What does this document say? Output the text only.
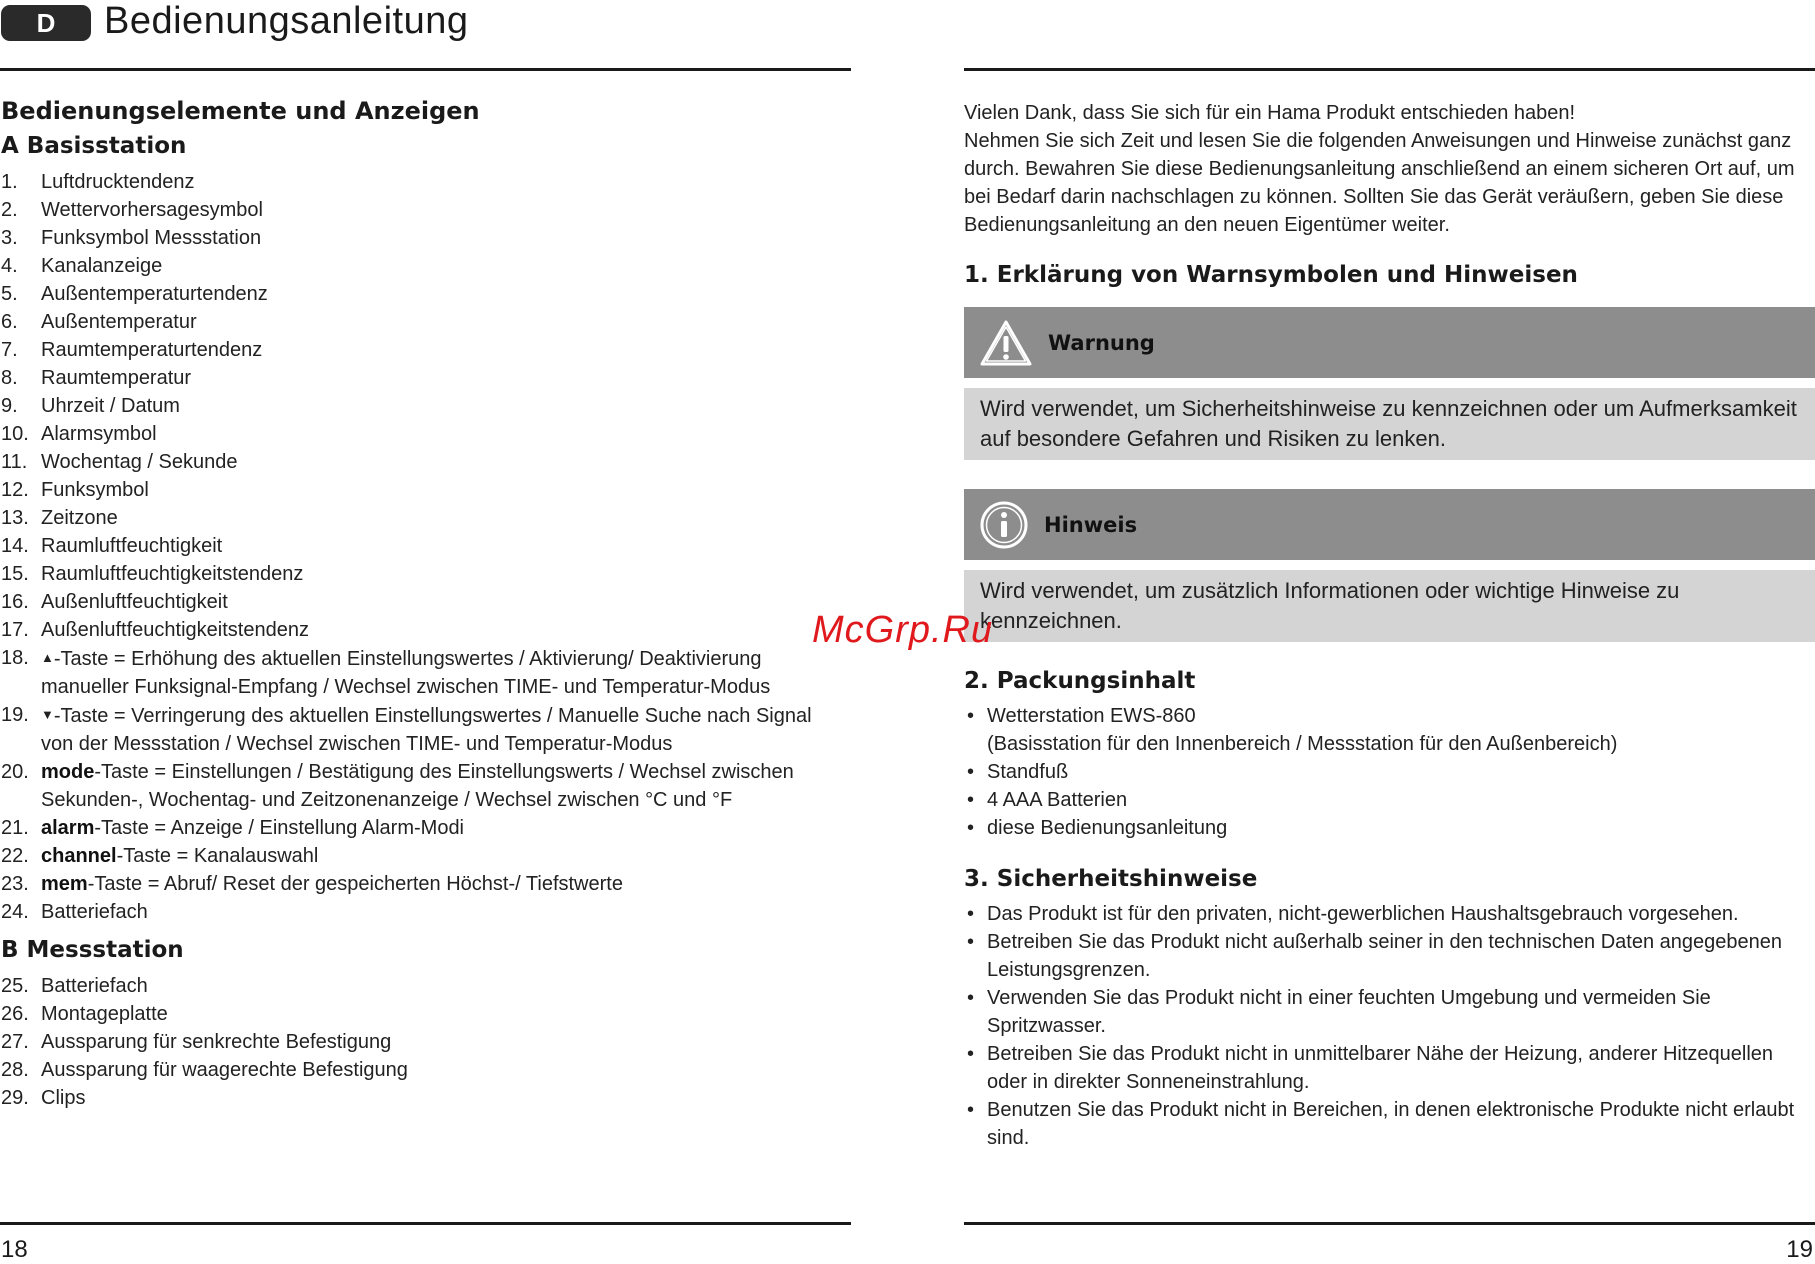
D	Bedienungsanleitung
Bedienungselemente und Anzeigen
A Basisstation
1. Luftdrucktendenz
2. Wettervorhersagesymbol
3. Funksymbol Messstation
4. Kanalanzeige
5. Außentemperaturtendenz
6. Außentemperatur
7. Raumtemperaturtendenz
8. Raumtemperatur
9. Uhrzeit / Datum
10. Alarmsymbol
11. Wochentag / Sekunde
12. Funksymbol
13. Zeitzone
14. Raumluftfeuchtigkeit
15. Raumluftfeuchtigkeitstendenz
16. Außenluftfeuchtigkeit
17. Außenluftfeuchtigkeitstendenz
18. ▲-Taste = Erhöhung des aktuellen Einstellungswertes / Aktivierung/ Deaktivierung
manueller Funksignal-Empfang / Wechsel zwischen TIME- und Temperatur-Modus
19. ▼-Taste = Verringerung des aktuellen Einstellungswertes / Manuelle Suche nach Signal
von der Messstation / Wechsel zwischen TIME- und Temperatur-Modus
20. mode-Taste = Einstellungen / Bestätigung des Einstellungswerts / Wechsel zwischen
Sekunden-, Wochentag- und Zeitzonenanzeige / Wechsel zwischen °C und °F
21. alarm-Taste = Anzeige / Einstellung Alarm-Modi
22. channel-Taste = Kanalauswahl
23. mem-Taste = Abruf/ Reset der gespeicherten Höchst-/ Tiefstwerte
24. Batteriefach
B Messstation
25. Batteriefach
26. Montageplatte
27. Aussparung für senkrechte Befestigung
28. Aussparung für waagerechte Befestigung
29. Clips
Vielen Dank, dass Sie sich für ein Hama Produkt entschieden haben!
Nehmen Sie sich Zeit und lesen Sie die folgenden Anweisungen und Hinweise zunächst ganz
durch. Bewahren Sie diese Bedienungsanleitung anschließend an einem sicheren Ort auf, um
bei Bedarf darin nachschlagen zu können. Sollten Sie das Gerät veräußern, geben Sie diese
Bedienungsanleitung an den neuen Eigentümer weiter.
1. Erklärung von Warnsymbolen und Hinweisen
Warnung
Wird verwendet, um Sicherheitshinweise zu kennzeichnen oder um Aufmerksamkeit
auf besondere Gefahren und Risiken zu lenken.
Hinweis
Wird verwendet, um zusätzlich Informationen oder wichtige Hinweise zu
kennzeichnen.
2. Packungsinhalt
• Wetterstation EWS-860
(Basisstation für den Innenbereich / Messstation für den Außenbereich)
• Standfuß
• 4 AAA Batterien
• diese Bedienungsanleitung
3. Sicherheitshinweise
• Das Produkt ist für den privaten, nicht-gewerblichen Haushaltsgebrauch vorgesehen.
• Betreiben Sie das Produkt nicht außerhalb seiner in den technischen Daten angegebenen
Leistungsgrenzen.
• Verwenden Sie das Produkt nicht in einer feuchten Umgebung und vermeiden Sie
Spritzwasser.
• Betreiben Sie das Produkt nicht in unmittelbarer Nähe der Heizung, anderer Hitzequellen
oder in direkter Sonneneinstrahlung.
• Benutzen Sie das Produkt nicht in Bereichen, in denen elektronische Produkte nicht erlaubt
sind.
18	19
McGrp.Ru
